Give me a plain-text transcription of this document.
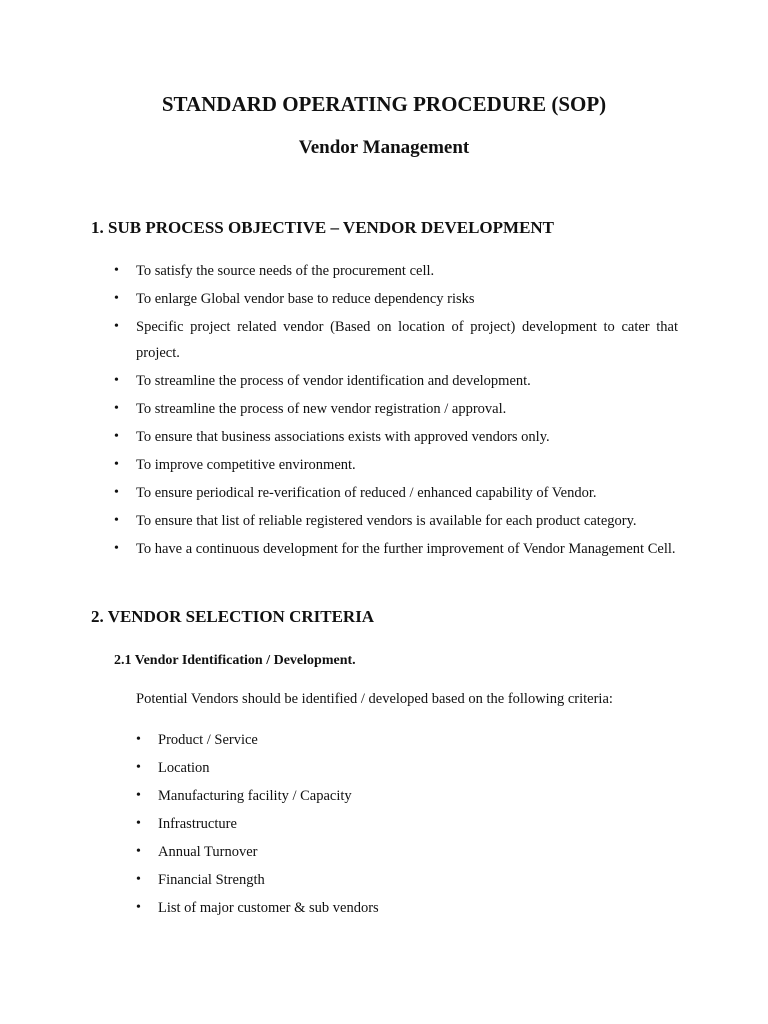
STANDARD OPERATING PROCEDURE (SOP)
Vendor Management
1. SUB PROCESS OBJECTIVE – VENDOR DEVELOPMENT
• To satisfy the source needs of the procurement cell.
• To enlarge Global vendor base to reduce dependency risks
• Specific project related vendor (Based on location of project) development to cater that project.
• To streamline the process of vendor identification and development.
• To streamline the process of new vendor registration / approval.
• To ensure that business associations exists with approved vendors only.
• To improve competitive environment.
• To ensure periodical re-verification of reduced / enhanced capability of Vendor.
• To ensure that list of reliable registered vendors is available for each product category.
• To have a continuous development for the further improvement of Vendor Management Cell.
2. VENDOR SELECTION CRITERIA
2.1 Vendor Identification / Development.

Potential Vendors should be identified / developed based on the following criteria:

• Product / Service
• Location
• Manufacturing facility / Capacity
• Infrastructure
• Annual Turnover
• Financial Strength
• List of major customer & sub vendors
